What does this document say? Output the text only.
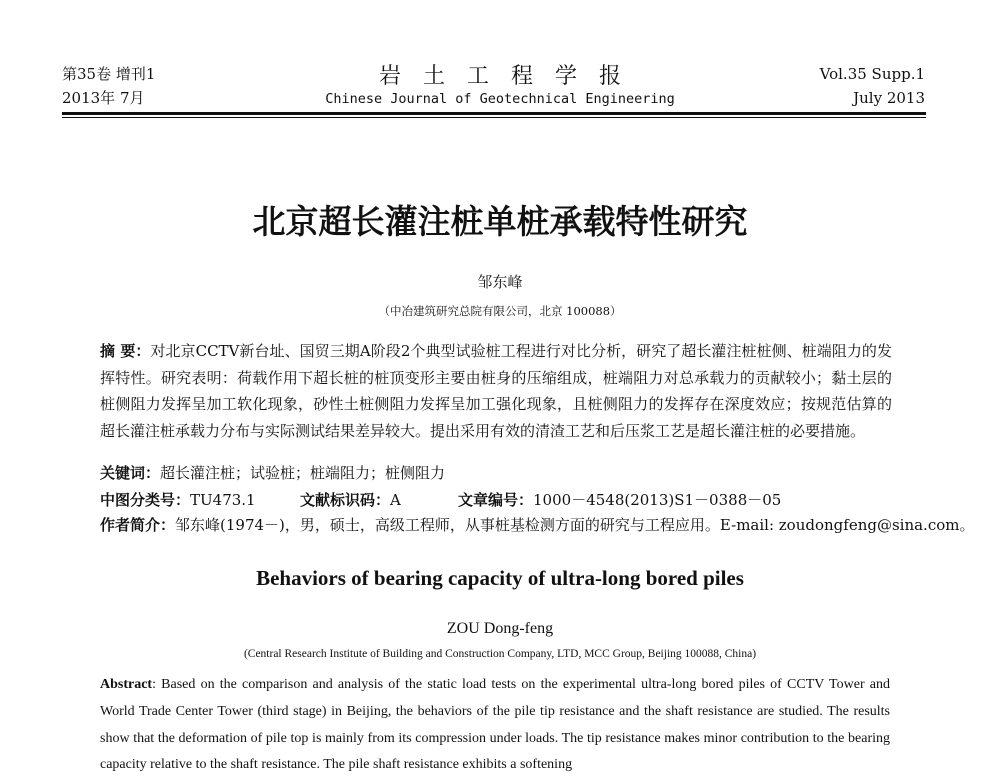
第35卷 增刊1
2013年 7月
岩土工程学报
Chinese Journal of Geotechnical Engineering
Vol.35 Supp.1
July 2013
北京超长灌注桩单桩承载特性研究
邹东峰
（中冶建筑研究总院有限公司，北京 100088）
摘 要：对北京CCTV新台址、国贸三期A阶段2个典型试验桩工程进行对比分析，研究了超长灌注桩桩侧、桩端阻力的发挥特性。研究表明：荷载作用下超长桩的桩顶变形主要由桩身的压缩组成，桩端阻力对总承载力的贡献较小；黏土层的桩侧阻力发挥呈加工软化现象，砂性土桩侧阻力发挥呈加工强化现象，且桩侧阻力的发挥存在深度效应；按规范估算的超长灌注桩承载力分布与实际测试结果差异较大。提出采用有效的清渣工艺和后压浆工艺是超长灌注桩的必要措施。
关键词：超长灌注桩；试验桩；桩端阻力；桩侧阻力
中图分类号：TU473.1	文献标识码：A	文章编号：1000－4548(2013)S1－0388－05
作者简介：邹东峰(1974－)，男，硕士，高级工程师，从事桩基检测方面的研究与工程应用。E-mail: zoudongfeng@sina.com。
Behaviors of bearing capacity of ultra-long bored piles
ZOU Dong-feng
(Central Research Institute of Building and Construction Company, LTD, MCC Group, Beijing 100088, China)
Abstract: Based on the comparison and analysis of the static load tests on the experimental ultra-long bored piles of CCTV Tower and World Trade Center Tower (third stage) in Beijing, the behaviors of the pile tip resistance and the shaft resistance are studied. The results show that the deformation of pile top is mainly from its compression under loads. The tip resistance makes minor contribution to the bearing capacity relative to the shaft resistance. The pile shaft resistance exhibits a softening
